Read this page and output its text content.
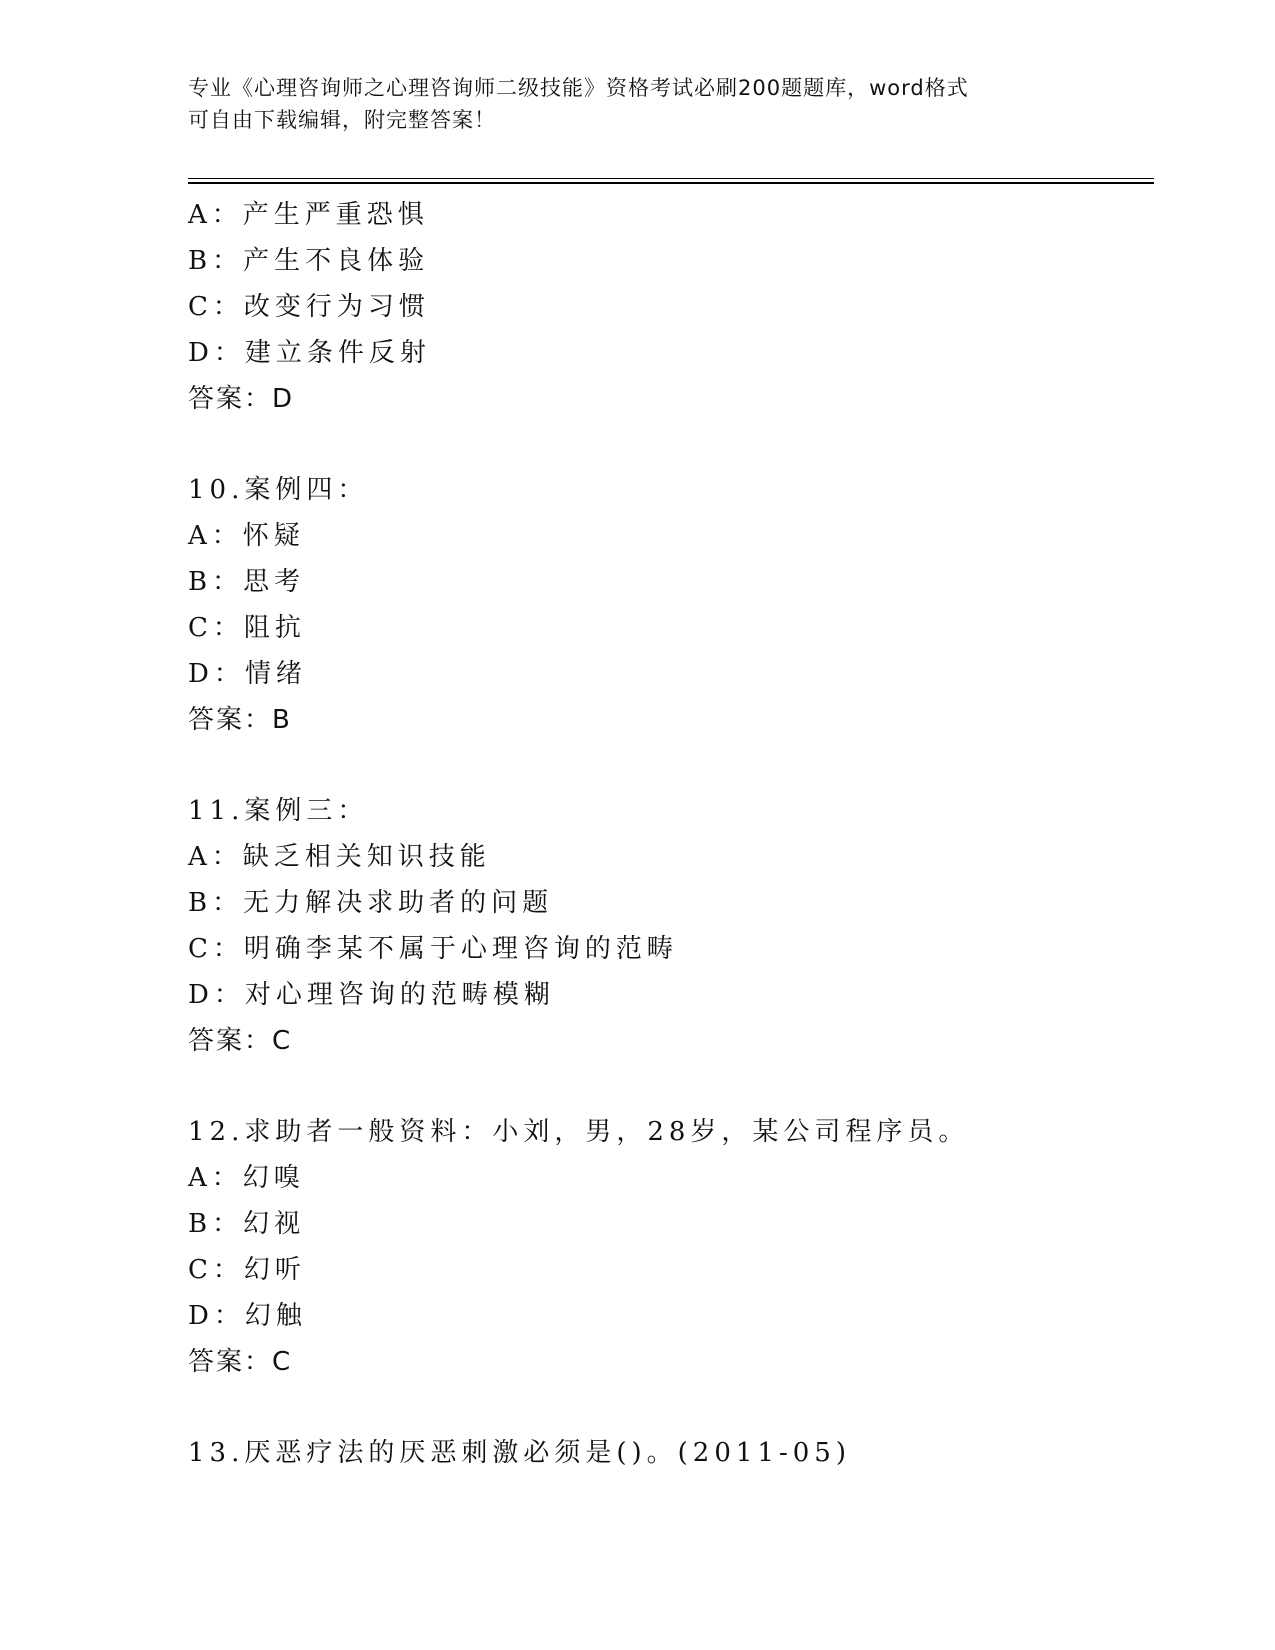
专业《心理咨询师之心理咨询师二级技能》资格考试必刷200题题库，word格式
可自由下载编辑，附完整答案！
A：产生严重恐惧
B：产生不良体验
C：改变行为习惯
D：建立条件反射
答案：D
10.案例四：
A：怀疑
B：思考
C：阻抗
D：情绪
答案：B
11.案例三：
A：缺乏相关知识技能
B：无力解决求助者的问题
C：明确李某不属于心理咨询的范畴
D：对心理咨询的范畴模糊
答案：C
12.求助者一般资料：小刘，男，28岁，某公司程序员。
A：幻嗅
B：幻视
C：幻听
D：幻触
答案：C
13.厌恶疗法的厌恶刺激必须是()。(2011-05)
